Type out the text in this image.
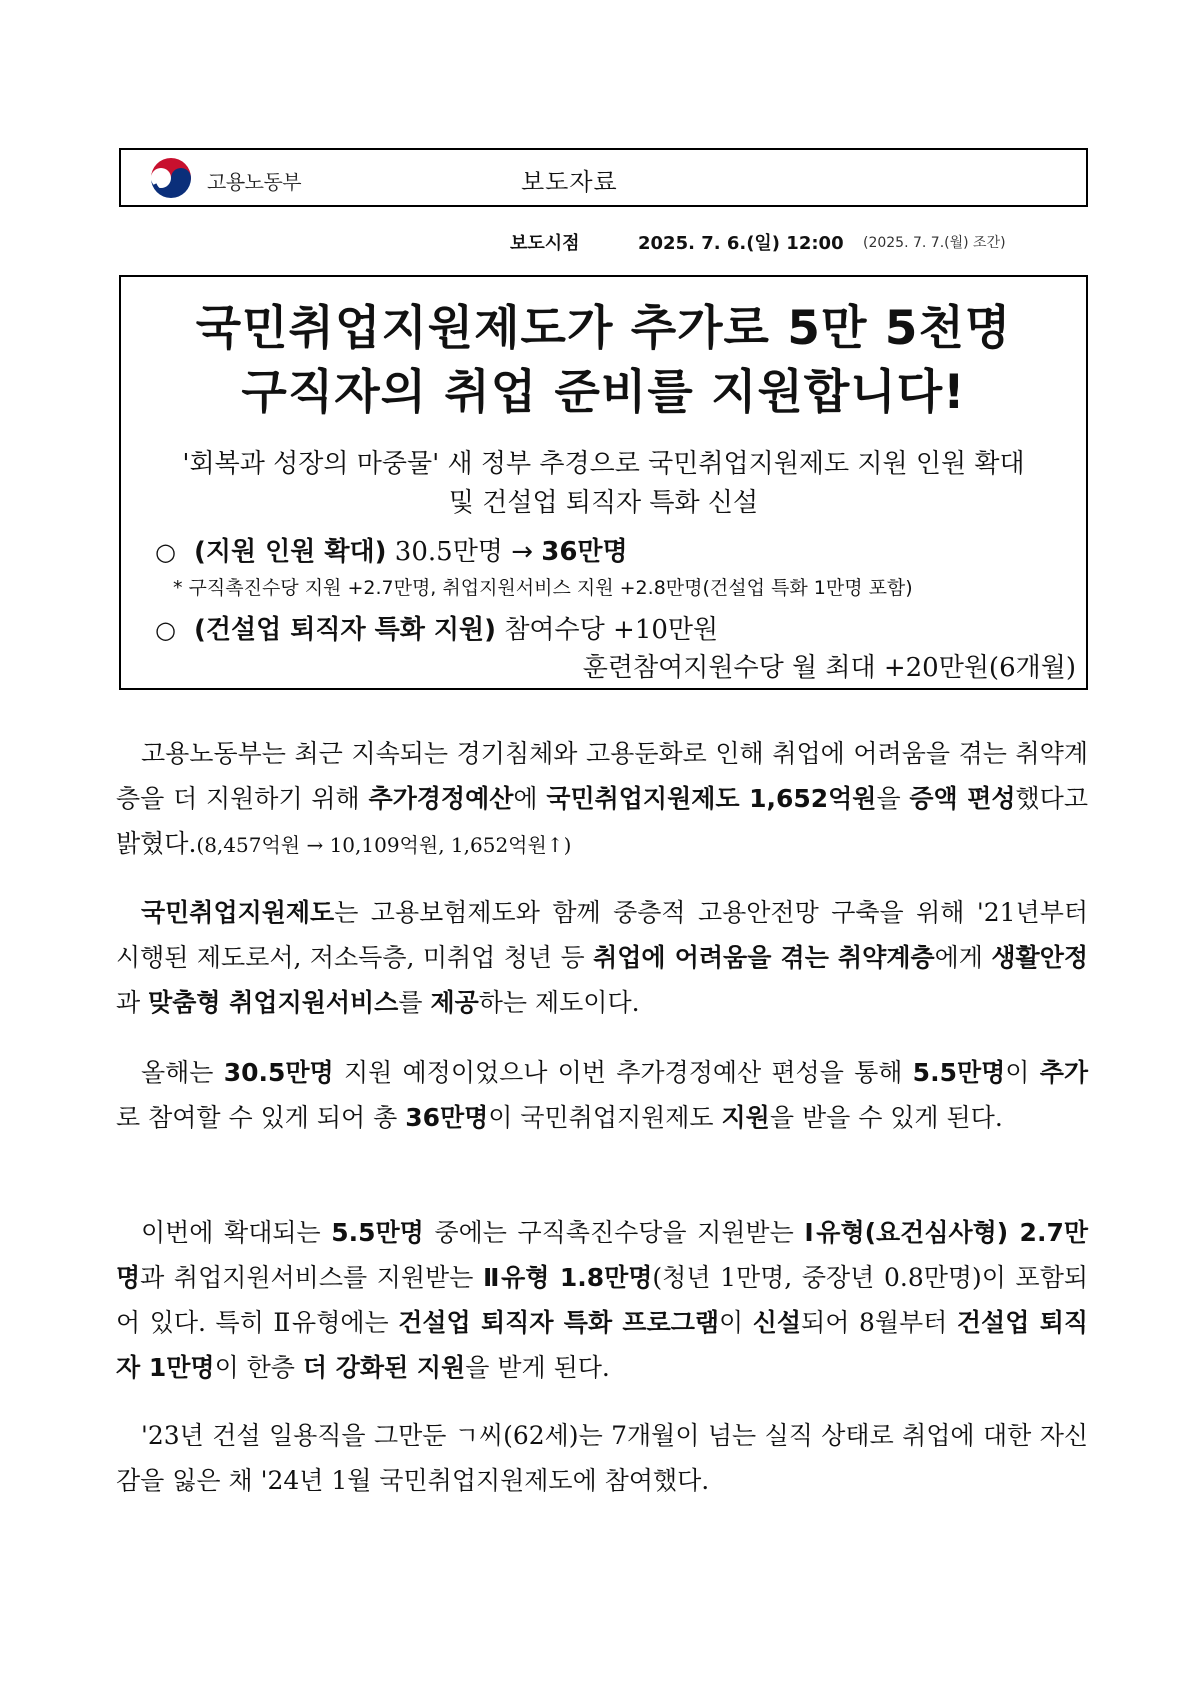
고용노동부	보도자료
보도시점	2025. 7. 6.(일) 12:00 (2025. 7. 7.(월) 조간)
국민취업지원제도가 추가로 5만 5천명
구직자의 취업 준비를 지원합니다!
'회복과 성장의 마중물' 새 정부 추경으로 국민취업지원제도 지원 인원 확대
및 건설업 퇴직자 특화 신설
○ (지원 인원 확대) 30.5만명 → 36만명
* 구직촉진수당 지원 +2.7만명, 취업지원서비스 지원 +2.8만명(건설업 특화 1만명 포함)
○ (건설업 퇴직자 특화 지원) 참여수당 +10만원
훈련참여지원수당 월 최대 +20만원(6개월)

고용노동부는 최근 지속되는 경기침체와 고용둔화로 인해 취업에 어려움을 겪는 취약계층을 더 지원하기 위해 추가경정예산에 국민취업지원제도 1,652억원을 증액 편성했다고 밝혔다.(8,457억원 → 10,109억원, 1,652억원↑)

국민취업지원제도는 고용보험제도와 함께 중층적 고용안전망 구축을 위해 '21년부터 시행된 제도로서, 저소득층, 미취업 청년 등 취업에 어려움을 겪는 취약계층에게 생활안정과 맞춤형 취업지원서비스를 제공하는 제도이다.

올해는 30.5만명 지원 예정이었으나 이번 추가경정예산 편성을 통해 5.5만명이 추가로 참여할 수 있게 되어 총 36만명이 국민취업지원제도 지원을 받을 수 있게 된다.

이번에 확대되는 5.5만명 중에는 구직촉진수당을 지원받는 Ⅰ유형(요건심사형) 2.7만명과 취업지원서비스를 지원받는 Ⅱ유형 1.8만명(청년 1만명, 중장년 0.8만명)이 포함되어 있다. 특히 Ⅱ유형에는 건설업 퇴직자 특화 프로그램이 신설되어 8월부터 건설업 퇴직자 1만명이 한층 더 강화된 지원을 받게 된다.

'23년 건설 일용직을 그만둔 ㄱ씨(62세)는 7개월이 넘는 실직 상태로 취업에 대한 자신감을 잃은 채 '24년 1월 국민취업지원제도에 참여했다.
